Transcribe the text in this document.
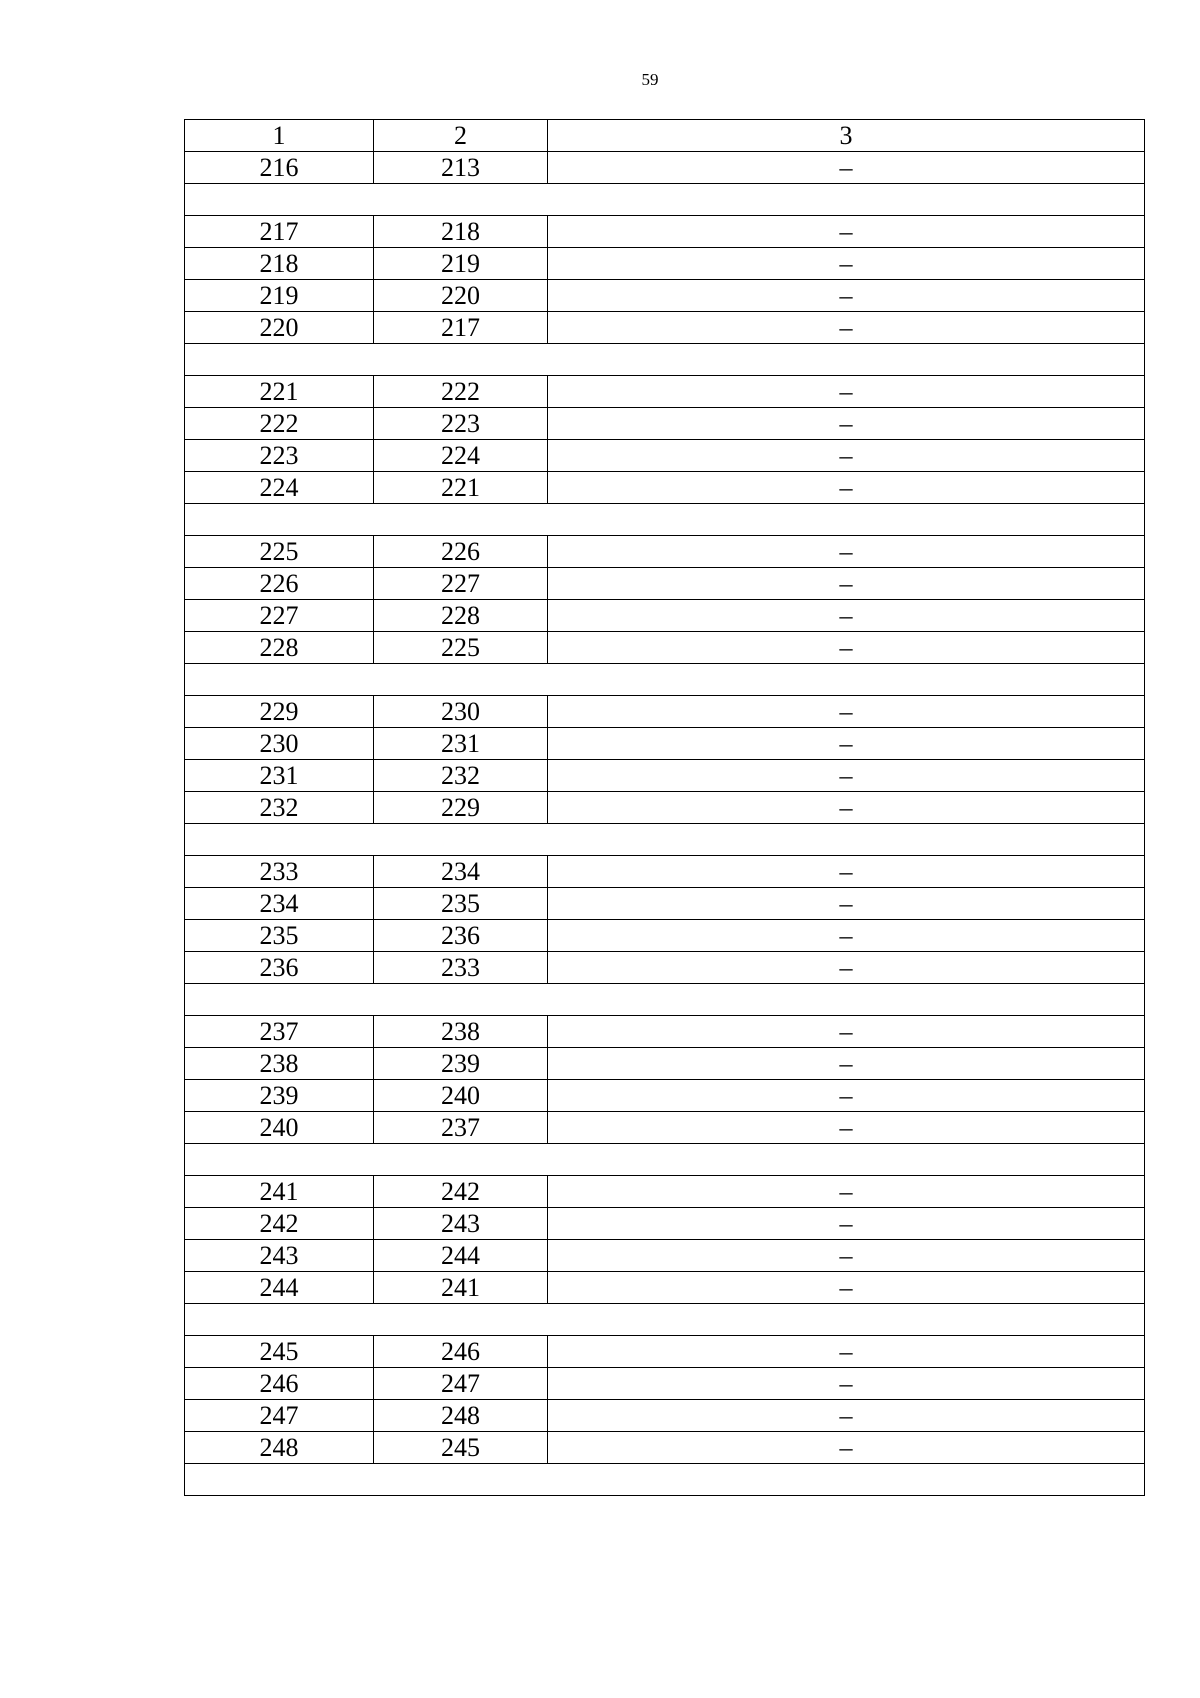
59
1	2	3
216	213	–

217	218	–
218	219	–
219	220	–
220	217	–

221	222	–
222	223	–
223	224	–
224	221	–

225	226	–
226	227	–
227	228	–
228	225	–

229	230	–
230	231	–
231	232	–
232	229	–

233	234	–
234	235	–
235	236	–
236	233	–

237	238	–
238	239	–
239	240	–
240	237	–

241	242	–
242	243	–
243	244	–
244	241	–

245	246	–
246	247	–
247	248	–
248	245	–
